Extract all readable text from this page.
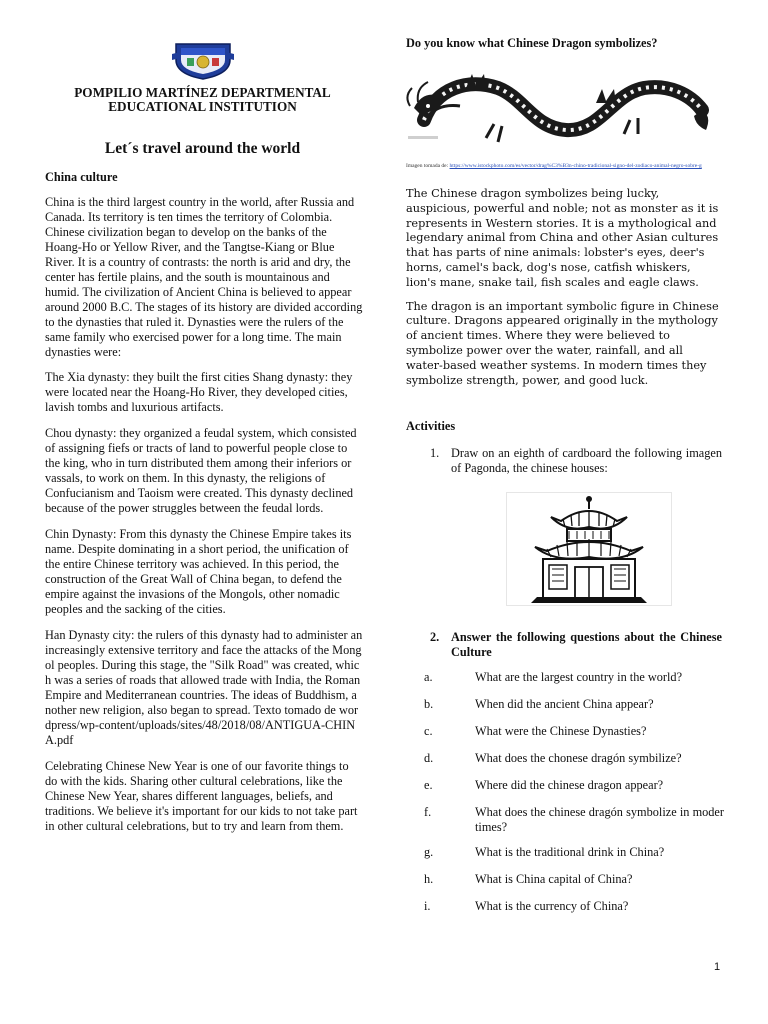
POMPILIO MARTÍNEZ DEPARTMENTAL
EDUCATIONAL INSTITUTION
Let´s travel around the world
China culture

China is the third largest country in the world, after Russia and Canada. Its territory is ten times the territory of Colombia. Chinese civilization began to develop on the banks of the Hoang-Ho or Yellow River, and the Tangtse-Kiang or Blue River. It is a country of contrasts: the north is arid and dry, the center has fertile plains, and the south is mountainous and humid. The civilization of Ancient China is believed to appear around 2000 B.C. The stages of its history are divided according to the dynasties that ruled it. Dynasties were the rulers of the same family who exercised power for a long time. The main dynasties were:

The Xia dynasty: they built the first cities Shang dynasty: they were located near the Hoang-Ho River, they developed cities, lavish tombs and luxurious artifacts.

Chou dynasty: they organized a feudal system, which consisted of assigning fiefs or tracts of land to powerful people close to the king, who in turn distributed them among their inferiors or vassals, to work on them. In this dynasty, the religions of Confucianism and Taoism were created. This dynasty declined because of the power struggles between the feudal lords.

Chin Dynasty: From this dynasty the Chinese Empire takes its name. Despite dominating in a short period, the unification of the entire Chinese territory was achieved. In this period, the construction of the Great Wall of China began, to defend the empire against the invasions of the Mongols, other nomadic peoples and the sacking of the cities.

Han Dynasty city: the rulers of this dynasty had to administer an increasingly extensive territory and face the attacks of the Mongol peoples. During this stage, the "Silk Road" was created, which was a series of roads that allowed trade with India, the Roman Empire and Mediterranean countries. The ideas of Buddhism, another new religion, also began to spread. Texto tomado de wordpress/wp-content/uploads/sites/48/2018/08/ANTIGUA-CHINA.pdf

Celebrating Chinese New Year is one of our favorite things to do with the kids. Sharing other cultural celebrations, like the Chinese New Year, shares different languages, beliefs, and traditions. We believe it's important for our kids to not take part in other cultural celebrations, but to try and learn from them.

Do you know what Chinese Dragon symbolizes?
Imagen tomada de: https://www.istockphoto.com/es/vector/drag%C3%B3n-chino-tradicional-signo-del-zodiaco-animal-negro-sobre-g

The Chinese dragon symbolizes being lucky, auspicious, powerful and noble; not as monster as it is represents in Western stories. It is a mythological and legendary animal from China and other Asian cultures that has parts of nine animals: lobster's eyes, deer's horns, camel's back, dog's nose, catfish whiskers, lion's mane, snake tail, fish scales and eagle claws.

The dragon is an important symbolic figure in Chinese culture. Dragons appeared originally in the mythology of ancient times. Where they were believed to symbolize power over the water, rainfall, and all water-based weather systems. In modern times they symbolize strength, power, and good luck.

Activities
1. Draw on an eighth of cardboard the following imagen of Pagonda, the chinese houses:
2. Answer the following questions about the Chinese Culture
a.	What are the largest country in the world?
b.	When did the ancient China appear?
c.	What were the Chinese Dynasties?
d.	What does the chonese dragón symbilize?
e.	Where did the chinese dragon appear?
f.	What does the chinese dragón symbolize in moder times?
g.	What is the traditional drink in China?
h.	What is China capital of China?
i.	What is the currency of China?
1
